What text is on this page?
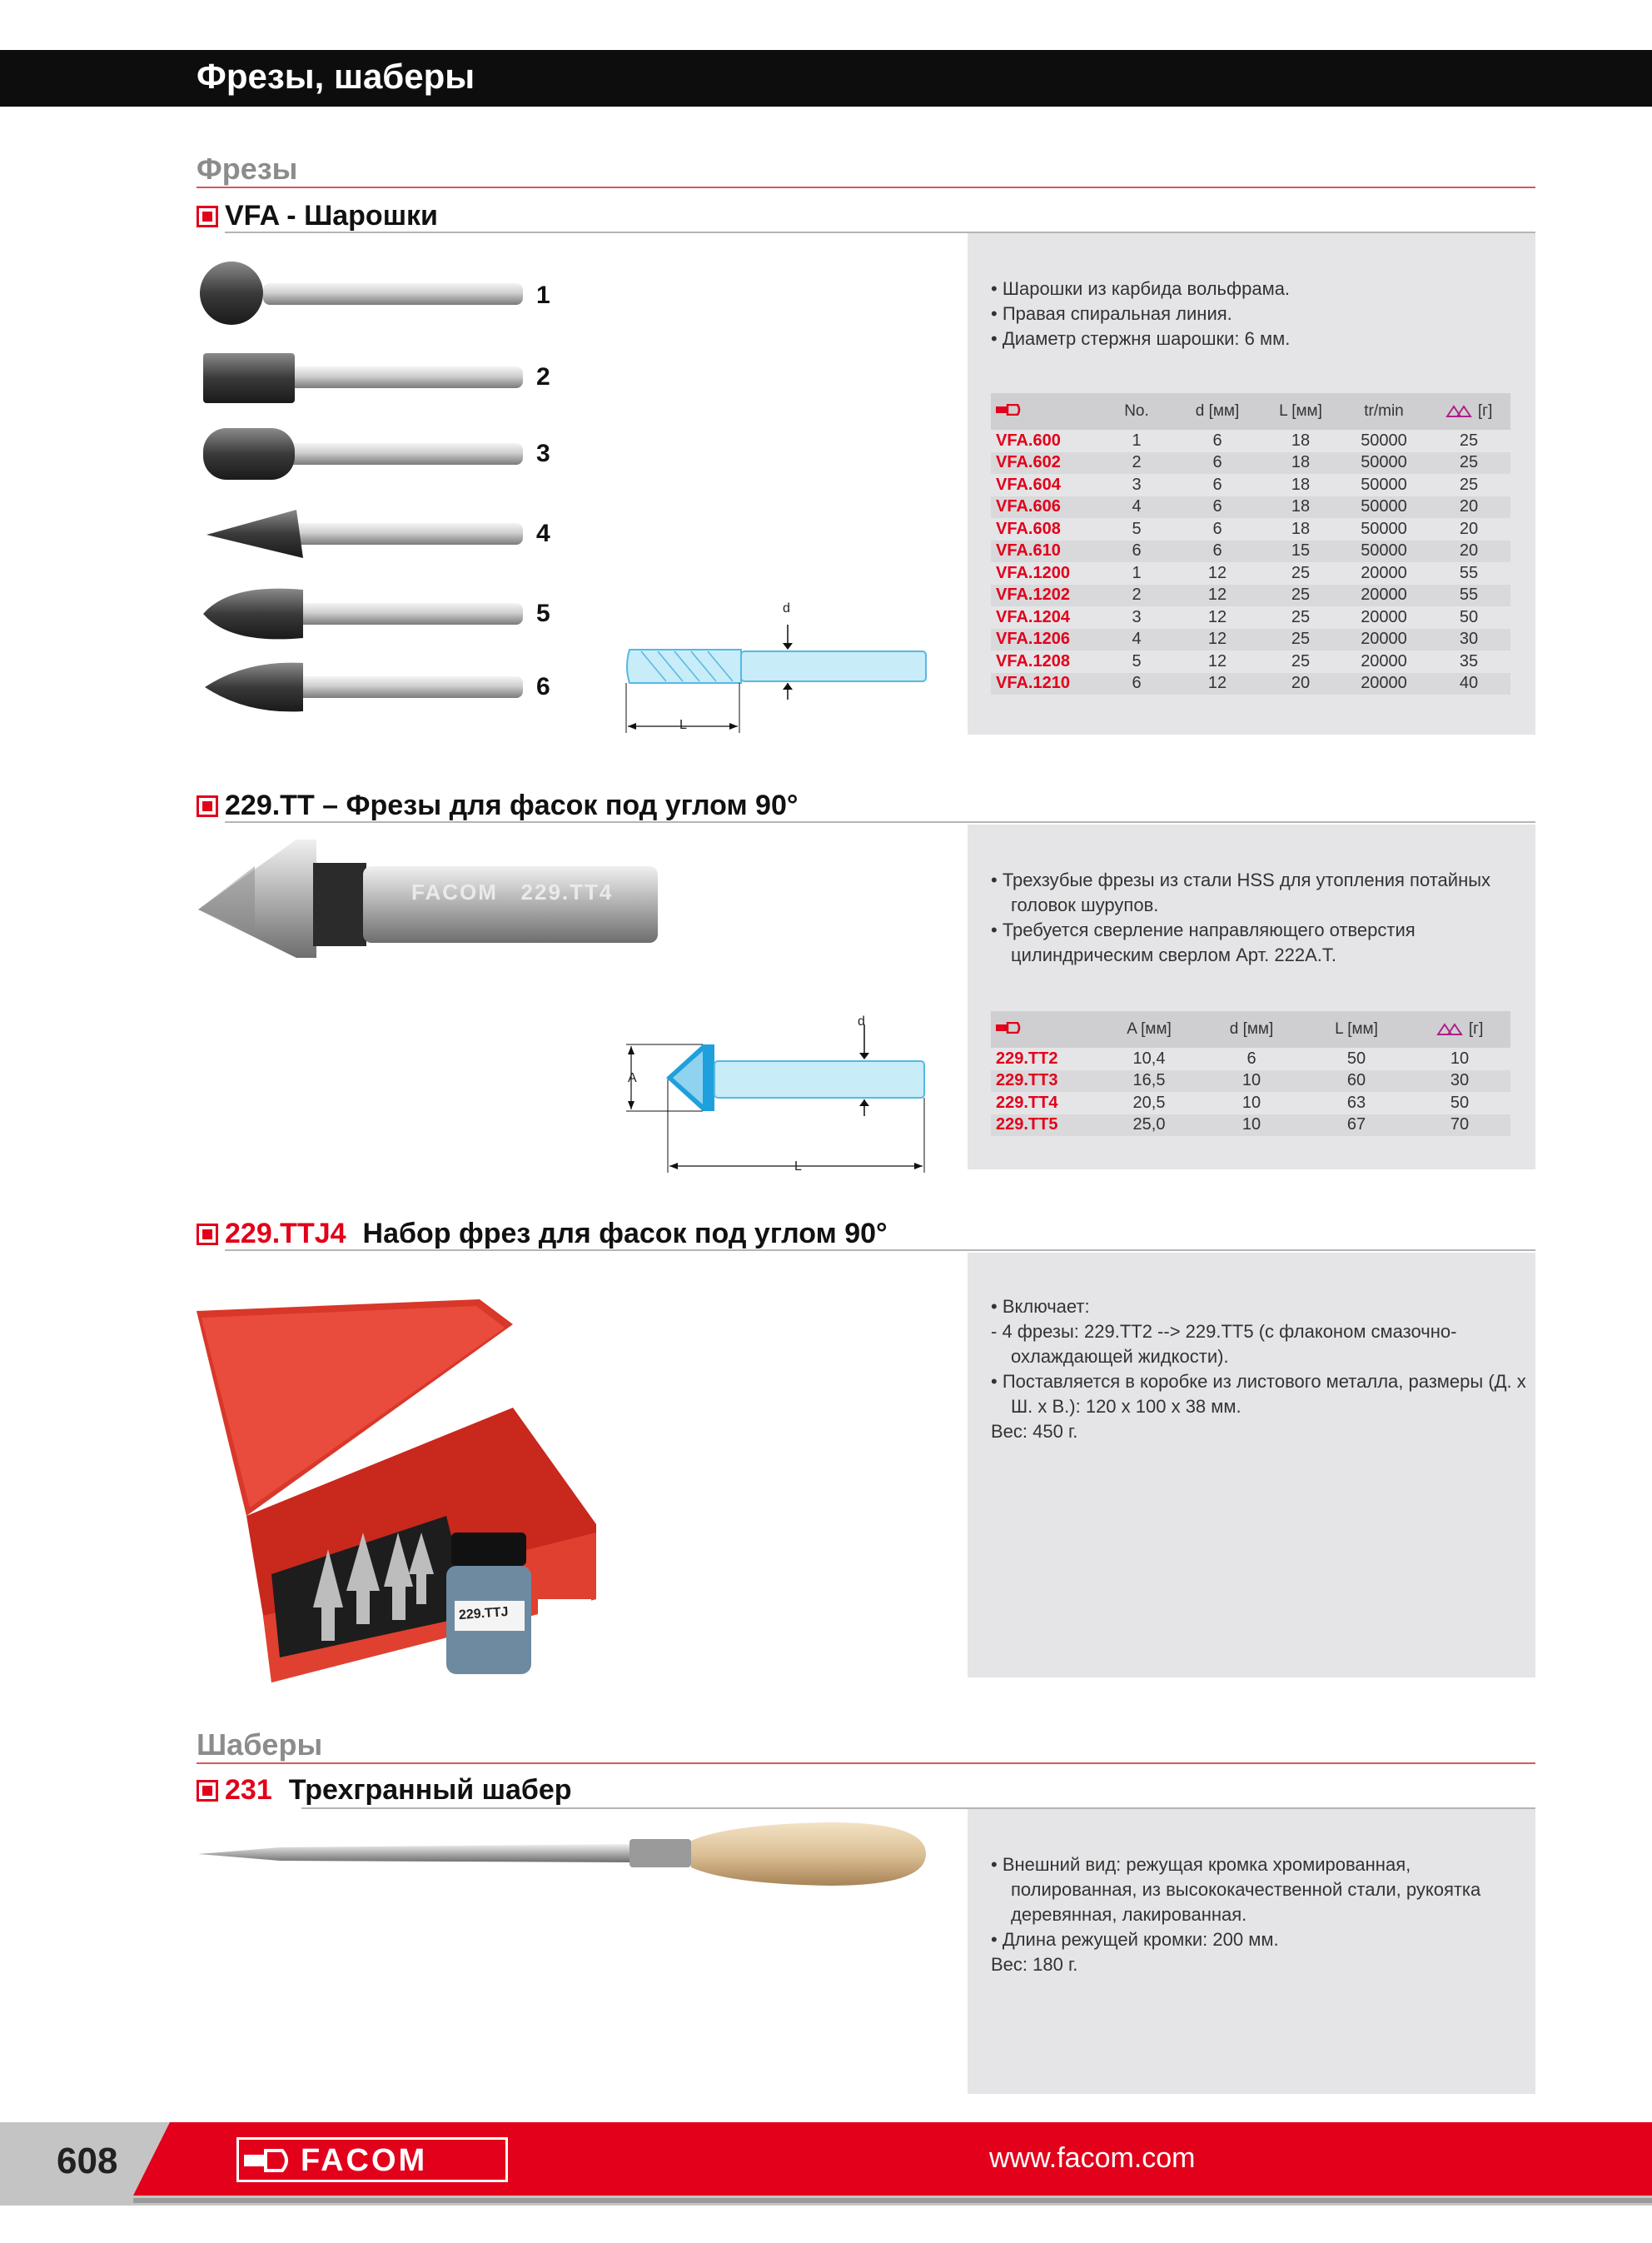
Фрезы, шаберы
Фрезы
VFA - Шарошки
1
2
3
4
5
6
d
L
• Шарошки из карбида вольфрама.
• Правая спиральная линия.
• Диаметр стержня шарошки: 6 мм.
	No.	d [мм]	L [мм]	tr/min	[г]
VFA.600	1	6	18	50000	25
VFA.602	2	6	18	50000	25
VFA.604	3	6	18	50000	25
VFA.606	4	6	18	50000	20
VFA.608	5	6	18	50000	20
VFA.610	6	6	15	50000	20
VFA.1200	1	12	25	20000	55
VFA.1202	2	12	25	20000	55
VFA.1204	3	12	25	20000	50
VFA.1206	4	12	25	20000	30
VFA.1208	5	12	25	20000	35
VFA.1210	6	12	20	20000	40
229.TT – Фрезы для фасок под углом 90°
FACOM   229.TT4
d
A
L
• Трехзубые фрезы из стали HSS для утопления потайных
головок шурупов.
• Требуется сверление направляющего отверстия
цилиндрическим сверлом Арт. 222A.T.
	A [мм]	d [мм]	L [мм]	[г]
229.TT2	10,4	6	50	10
229.TT3	16,5	10	60	30
229.TT4	20,5	10	63	50
229.TT5	25,0	10	67	70
229.TTJ4 Набор фрез для фасок под углом 90°
229.TTJ
• Включает:
- 4 фрезы: 229.TT2 --> 229.TT5 (с флаконом смазочно-
охлаждающей жидкости).
• Поставляется в коробке из листового металла, размеры (Д. x
Ш. x В.): 120 x 100 x 38 мм.
Вес: 450 г.
Шаберы
231 Трехгранный шабер
• Внешний вид: режущая кромка хромированная,
полированная, из высококачественной стали, рукоятка
деревянная, лакированная.
• Длина режущей кромки: 200 мм.
Вес: 180 г.
608	FACOM	www.facom.com
